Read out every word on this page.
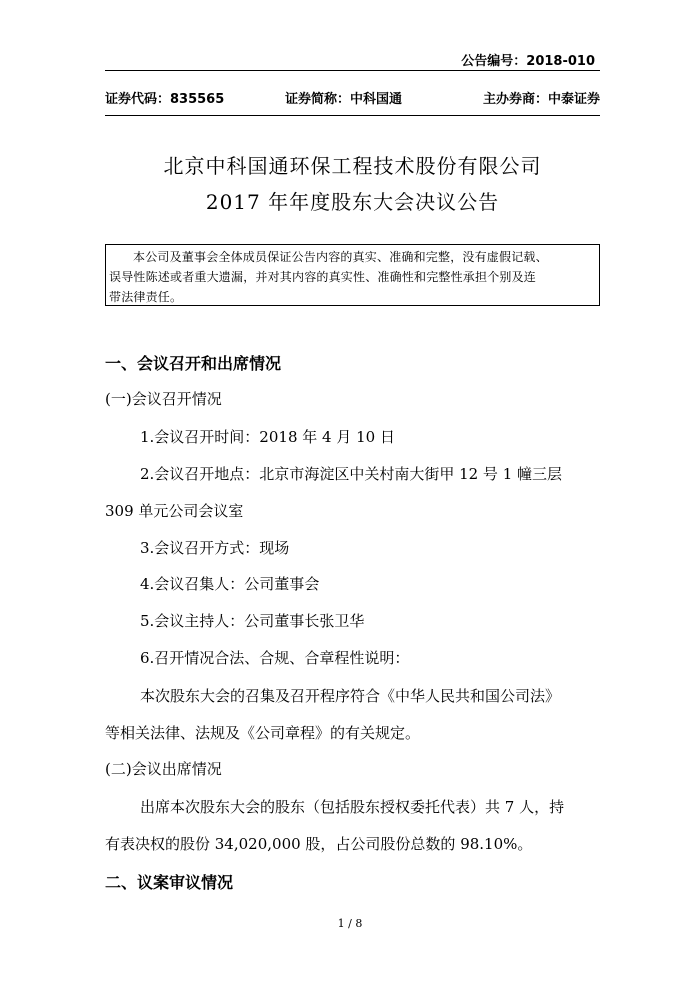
公告编号：2018-010
证券代码：835565	证券简称：中科国通	主办券商：中泰证券
北京中科国通环保工程技术股份有限公司
2017 年年度股东大会决议公告
本公司及董事会全体成员保证公告内容的真实、准确和完整，没有虚假记载、
误导性陈述或者重大遗漏，并对其内容的真实性、准确性和完整性承担个别及连
带法律责任。
一、会议召开和出席情况
(一)会议召开情况
1.会议召开时间：2018 年 4 月 10 日
2.会议召开地点：北京市海淀区中关村南大街甲 12 号 1 幢三层
309 单元公司会议室
3.会议召开方式：现场
4.会议召集人：公司董事会
5.会议主持人：公司董事长张卫华
6.召开情况合法、合规、合章程性说明：
本次股东大会的召集及召开程序符合《中华人民共和国公司法》
等相关法律、法规及《公司章程》的有关规定。
(二)会议出席情况
出席本次股东大会的股东（包括股东授权委托代表）共 7 人，持
有表决权的股份 34,020,000 股，占公司股份总数的 98.10%。
二、议案审议情况
1 / 8
